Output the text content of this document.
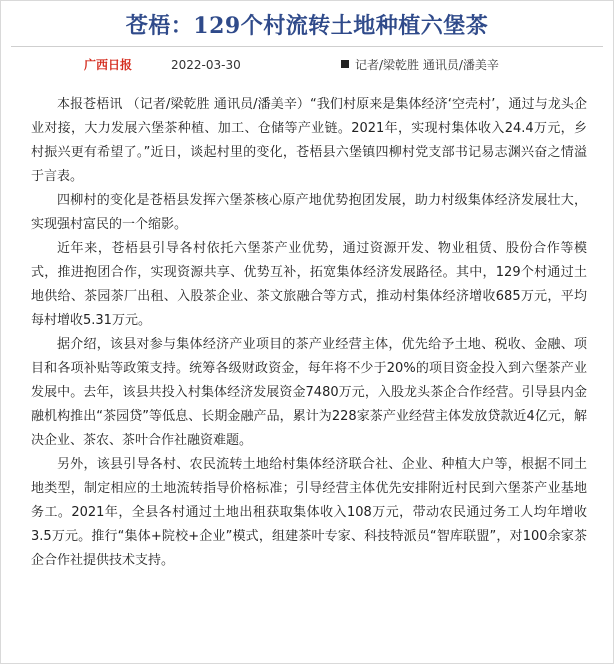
苍梧：129个村流转土地种植六堡茶
广西日报	2022-03-30	记者/梁乾胜 通讯员/潘美辛

本报苍梧讯 （记者/梁乾胜 通讯员/潘美辛）“我们村原来是集体经济‘空壳村’，通过与龙头企业对接，大力发展六堡茶种植、加工、仓储等产业链。2021年，实现村集体收入24.4万元，乡村振兴更有希望了。”近日，谈起村里的变化，苍梧县六堡镇四柳村党支部书记易志渊兴奋之情溢于言表。

四柳村的变化是苍梧县发挥六堡茶核心原产地优势抱团发展，助力村级集体经济发展壮大，实现强村富民的一个缩影。

近年来，苍梧县引导各村依托六堡茶产业优势，通过资源开发、物业租赁、股份合作等模式，推进抱团合作，实现资源共享、优势互补，拓宽集体经济发展路径。其中，129个村通过土地供给、茶园茶厂出租、入股茶企业、茶文旅融合等方式，推动村集体经济增收685万元，平均每村增收5.31万元。

据介绍，该县对参与集体经济产业项目的茶产业经营主体，优先给予土地、税收、金融、项目和各项补贴等政策支持。统筹各级财政资金，每年将不少于20%的项目资金投入到六堡茶产业发展中。去年，该县共投入村集体经济发展资金7480万元，入股龙头茶企合作经营。引导县内金融机构推出“茶园贷”等低息、长期金融产品，累计为228家茶产业经营主体发放贷款近4亿元，解决企业、茶农、茶叶合作社融资难题。

另外，该县引导各村、农民流转土地给村集体经济联合社、企业、种植大户等，根据不同土地类型，制定相应的土地流转指导价格标准；引导经营主体优先安排附近村民到六堡茶产业基地务工。2021年，全县各村通过土地出租获取集体收入108万元，带动农民通过务工人均年增收3.5万元。推行“集体+院校+企业”模式，组建茶叶专家、科技特派员“智库联盟”，对100余家茶企合作社提供技术支持。
